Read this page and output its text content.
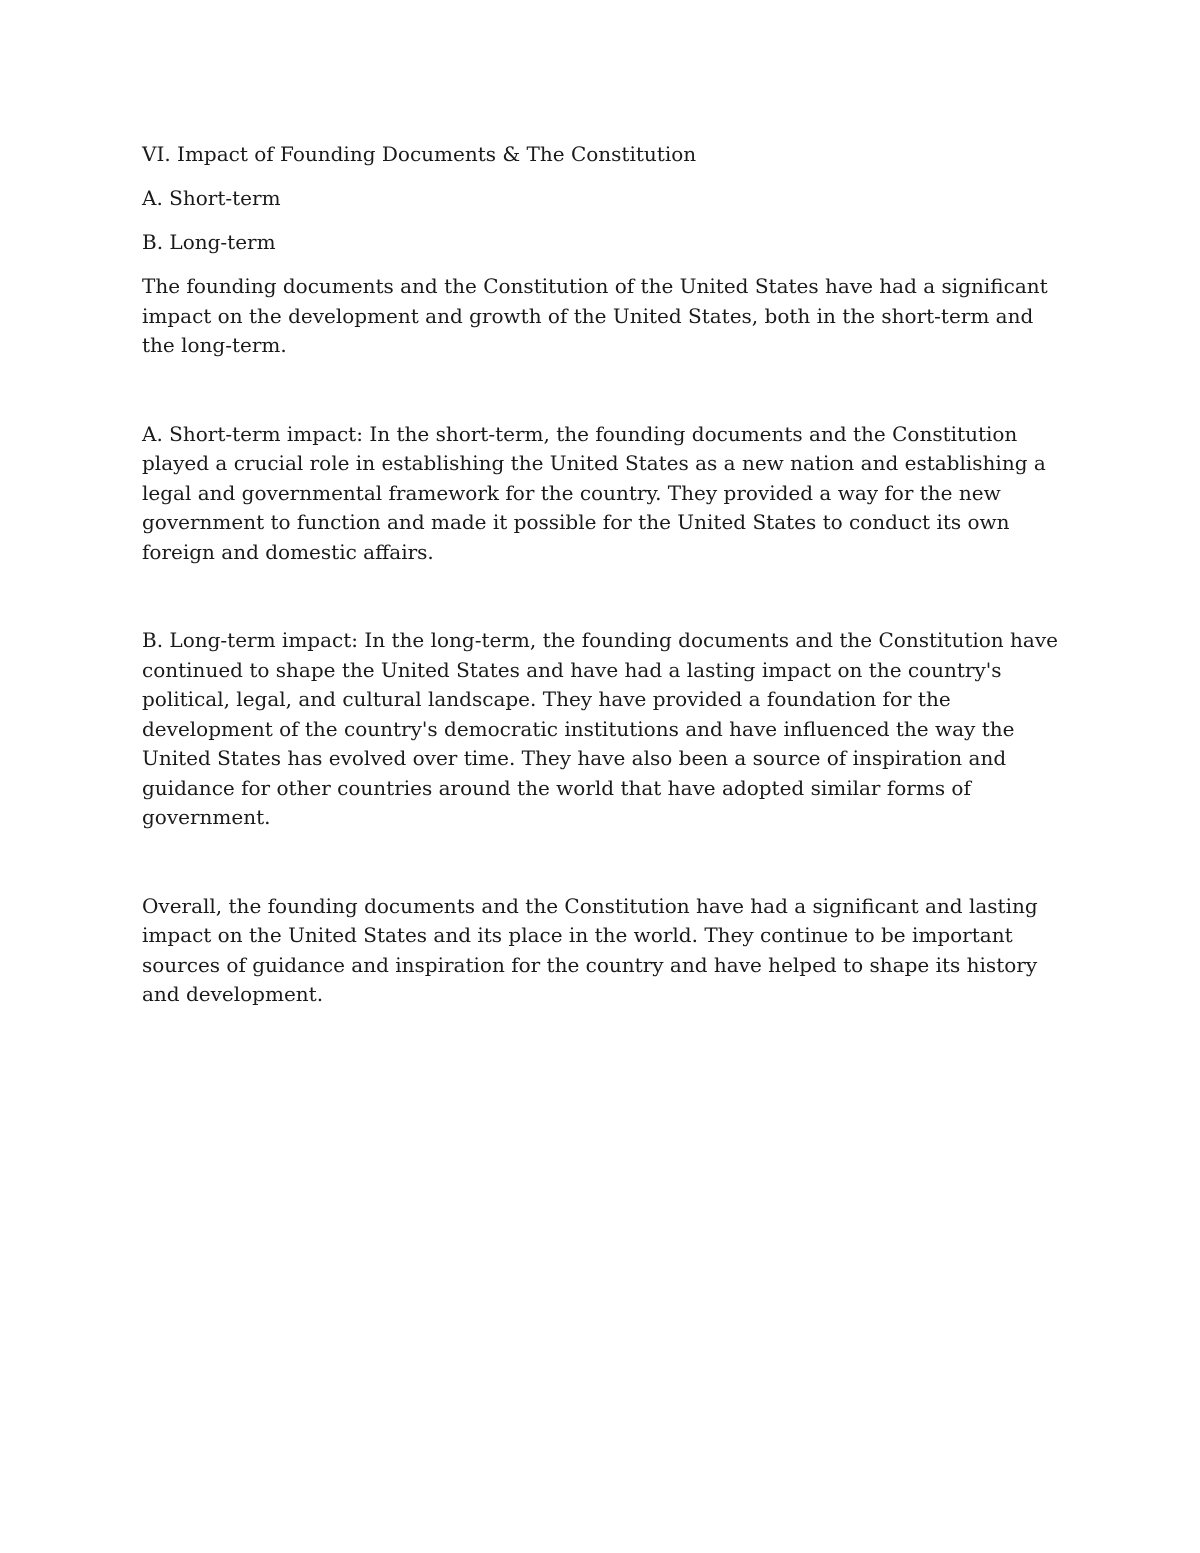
VI. Impact of Founding Documents & The Constitution

A. Short-term

B. Long-term

The founding documents and the Constitution of the United States have had a significant impact on the development and growth of the United States, both in the short-term and the long-term.

A. Short-term impact: In the short-term, the founding documents and the Constitution played a crucial role in establishing the United States as a new nation and establishing a legal and governmental framework for the country. They provided a way for the new government to function and made it possible for the United States to conduct its own foreign and domestic affairs.

B. Long-term impact: In the long-term, the founding documents and the Constitution have continued to shape the United States and have had a lasting impact on the country's political, legal, and cultural landscape. They have provided a foundation for the development of the country's democratic institutions and have influenced the way the United States has evolved over time. They have also been a source of inspiration and guidance for other countries around the world that have adopted similar forms of government.

Overall, the founding documents and the Constitution have had a significant and lasting impact on the United States and its place in the world. They continue to be important sources of guidance and inspiration for the country and have helped to shape its history and development.
